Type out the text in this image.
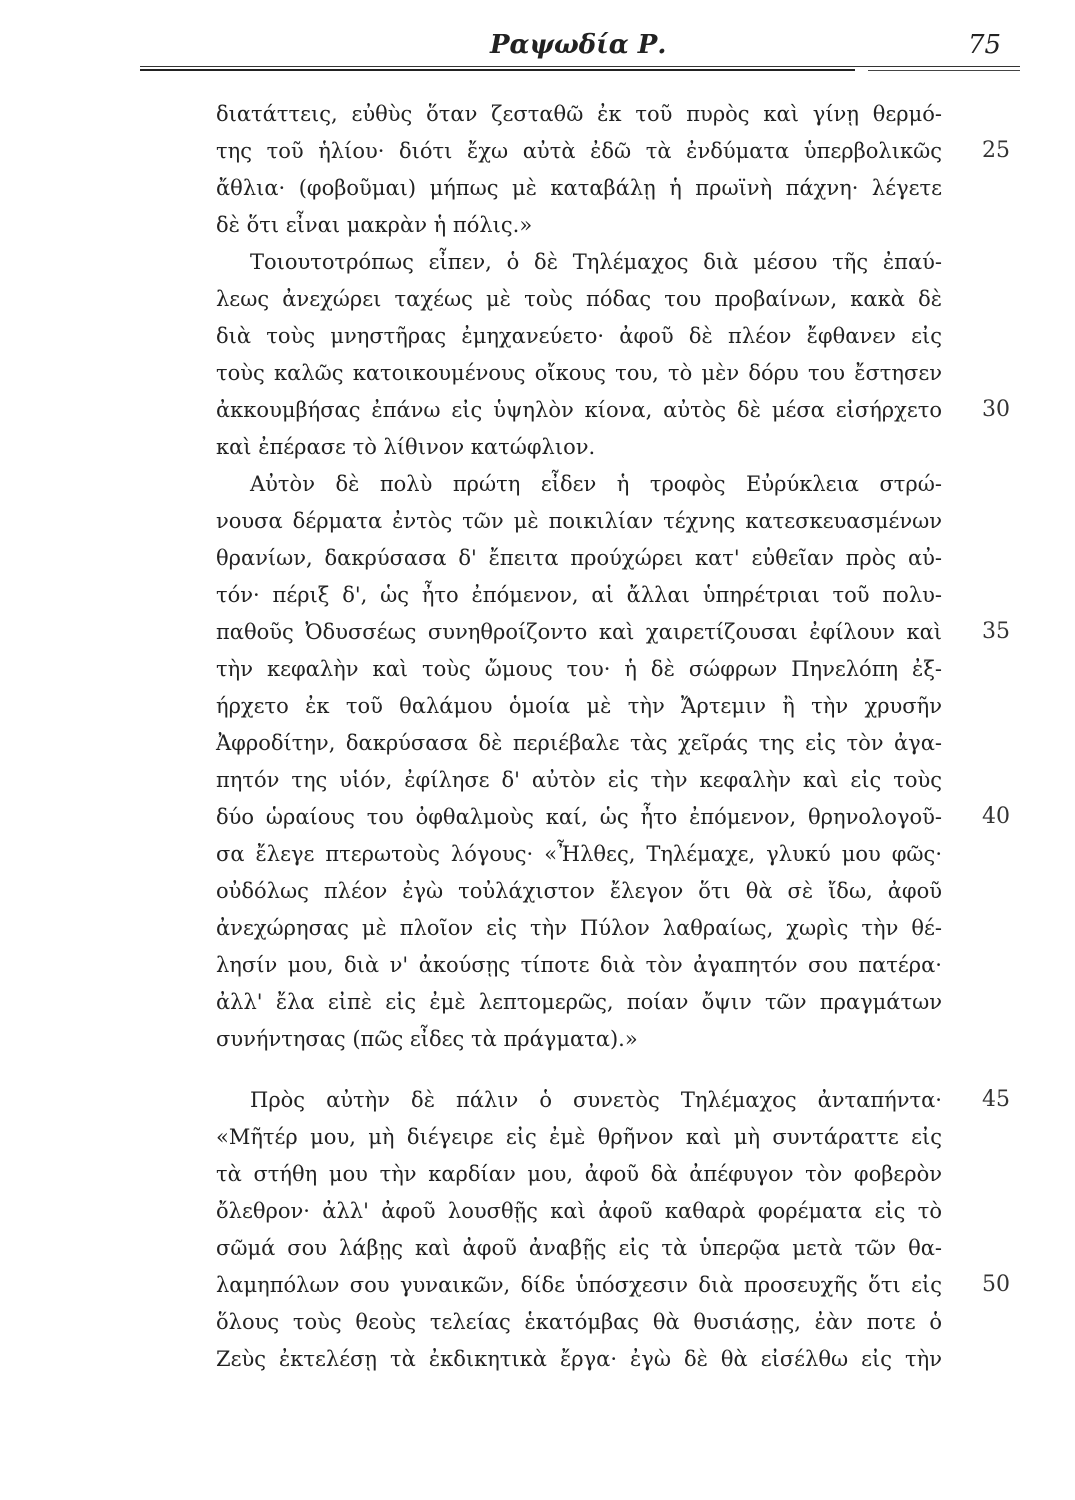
Ραψωδία Ρ.	75
διατάττεις, εὐθὺς ὅταν ζεσταθῶ ἐκ τοῦ πυρὸς καὶ γίνῃ θερμό-
της τοῦ ἡλίου· διότι ἔχω αὐτὰ ἐδῶ τὰ ἐνδύματα ὑπερβολικῶς
ἄθλια· (φοβοῦμαι) μήπως μὲ καταβάλῃ ἡ πρωϊνὴ πάχνη· λέγετε
δὲ ὅτι εἶναι μακρὰν ἡ πόλις.»
Τοιουτοτρόπως εἶπεν, ὁ δὲ Τηλέμαχος διὰ μέσου τῆς ἐπαύ-
λεως ἀνεχώρει ταχέως μὲ τοὺς πόδας του προβαίνων, κακὰ δὲ
διὰ τοὺς μνηστῆρας ἐμηχανεύετο· ἀφοῦ δὲ πλέον ἔφθανεν εἰς
τοὺς καλῶς κατοικουμένους οἴκους του, τὸ μὲν δόρυ του ἔστησεν
ἀκκουμβήσας ἐπάνω εἰς ὑψηλὸν κίονα, αὐτὸς δὲ μέσα εἰσήρχετο
καὶ ἐπέρασε τὸ λίθινον κατώφλιον.
Αὐτὸν δὲ πολὺ πρώτη εἶδεν ἡ τροφὸς Εὐρύκλεια στρώ-
νουσα δέρματα ἐντὸς τῶν μὲ ποικιλίαν τέχνης κατεσκευασμένων
θρανίων, δακρύσασα δ' ἔπειτα προύχώρει κατ' εὐθεῖαν πρὸς αὐ-
τόν· πέριξ δ', ὡς ἦτο ἐπόμενον, αἱ ἄλλαι ὑπηρέτριαι τοῦ πολυ-
παθοῦς Ὀδυσσέως συνηθροίζοντο καὶ χαιρετίζουσαι ἐφίλουν καὶ
τὴν κεφαλὴν καὶ τοὺς ὤμους του· ἡ δὲ σώφρων Πηνελόπη ἐξ-
ήρχετο ἐκ τοῦ θαλάμου ὁμοία μὲ τὴν Ἄρτεμιν ἢ τὴν χρυσῆν
Ἀφροδίτην, δακρύσασα δὲ περιέβαλε τὰς χεῖράς της εἰς τὸν ἀγα-
πητόν της υἱόν, ἐφίλησε δ' αὐτὸν εἰς τὴν κεφαλὴν καὶ εἰς τοὺς
δύο ὡραίους του ὀφθαλμοὺς καί, ὡς ἦτο ἐπόμενον, θρηνολογοῦ-
σα ἔλεγε πτερωτοὺς λόγους· «Ἦλθες, Τηλέμαχε, γλυκύ μου φῶς·
οὐδόλως πλέον ἐγὼ τοὐλάχιστον ἔλεγον ὅτι θὰ σὲ ἴδω, ἀφοῦ
ἀνεχώρησας μὲ πλοῖον εἰς τὴν Πύλον λαθραίως, χωρὶς τὴν θέ-
λησίν μου, διὰ ν' ἀκούσῃς τίποτε διὰ τὸν ἀγαπητόν σου πατέρα·
ἀλλ' ἔλα εἰπὲ εἰς ἐμὲ λεπτομερῶς, ποίαν ὄψιν τῶν πραγμάτων
συνήντησας (πῶς εἶδες τὰ πράγματα).»
Πρὸς αὐτὴν δὲ πάλιν ὁ συνετὸς Τηλέμαχος ἀνταπήντα·
«Μῆτέρ μου, μὴ διέγειρε εἰς ἐμὲ θρῆνον καὶ μὴ συντάραττε εἰς
τὰ στήθη μου τὴν καρδίαν μου, ἀφοῦ δὰ ἀπέφυγον τὸν φοβερὸν
ὄλεθρον· ἀλλ' ἀφοῦ λουσθῇς καὶ ἀφοῦ καθαρὰ φορέματα εἰς τὸ
σῶμά σου λάβῃς καὶ ἀφοῦ ἀναβῇς εἰς τὰ ὑπερῷα μετὰ τῶν θα-
λαμηπόλων σου γυναικῶν, δίδε ὑπόσχεσιν διὰ προσευχῆς ὅτι εἰς
ὅλους τοὺς θεοὺς τελείας ἑκατόμβας θὰ θυσιάσῃς, ἐὰν ποτε ὁ
Ζεὺς ἐκτελέσῃ τὰ ἐκδικητικὰ ἔργα· ἐγὼ δὲ θὰ εἰσέλθω εἰς τὴν
25
30
35
40
45
50
